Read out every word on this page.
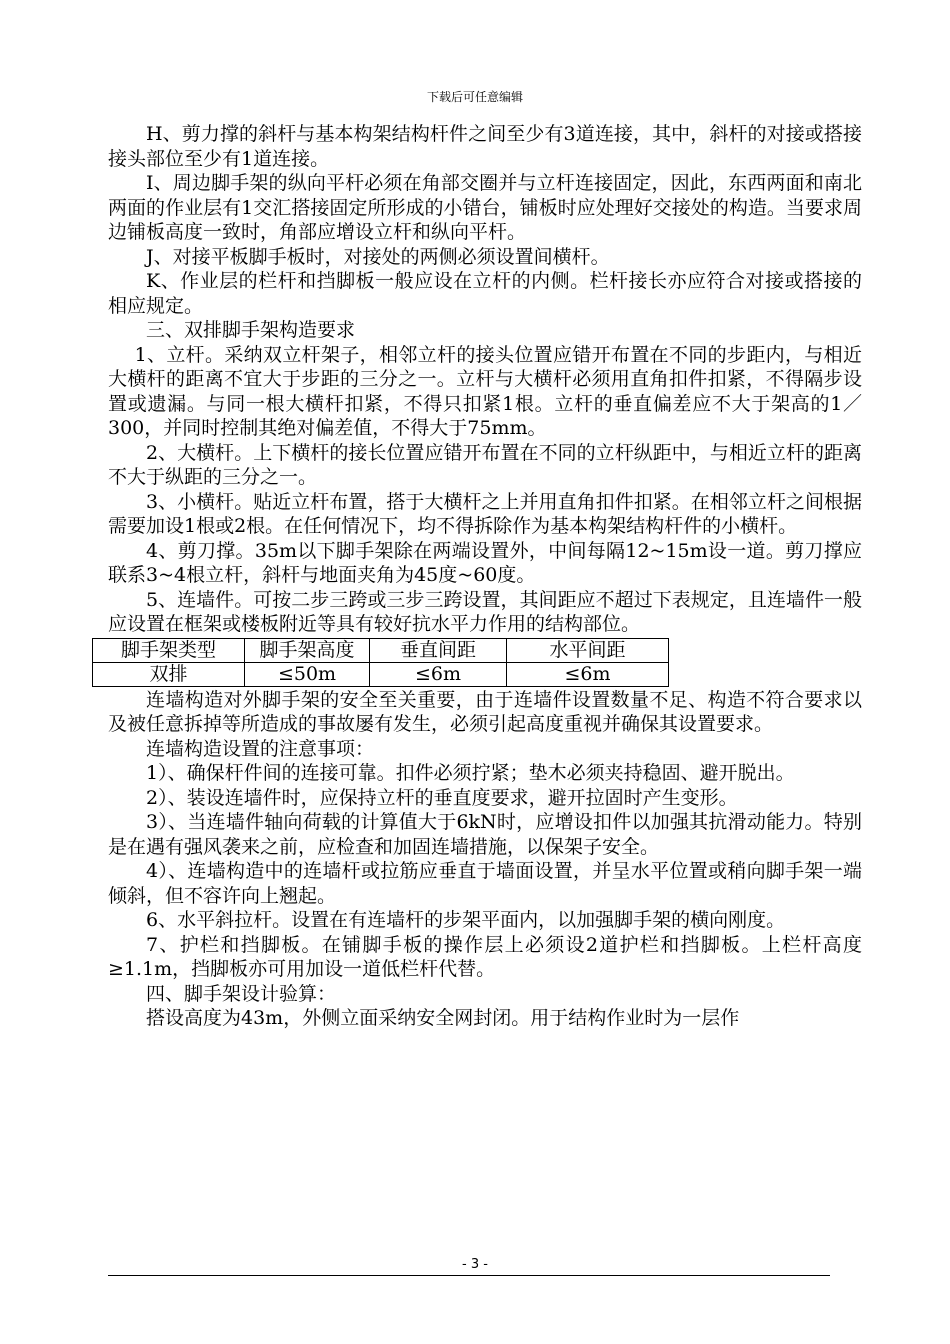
下载后可任意编辑

H、剪力撑的斜杆与基本构架结构杆件之间至少有3道连接，其中，斜杆的对接或搭接接头部位至少有1道连接。

I、周边脚手架的纵向平杆必须在角部交圈并与立杆连接固定，因此，东西两面和南北两面的作业层有1交汇搭接固定所形成的小错台，铺板时应处理好交接处的构造。当要求周边铺板高度一致时，角部应增设立杆和纵向平杆。

J、对接平板脚手板时，对接处的两侧必须设置间横杆。

K、作业层的栏杆和挡脚板一般应设在立杆的内侧。栏杆接长亦应符合对接或搭接的相应规定。

三、双排脚手架构造要求

1、立杆。采纳双立杆架子，相邻立杆的接头位置应错开布置在不同的步距内，与相近大横杆的距离不宜大于步距的三分之一。立杆与大横杆必须用直角扣件扣紧，不得隔步设置或遗漏。与同一根大横杆扣紧，不得只扣紧1根。立杆的垂直偏差应不大于架高的1／300，并同时控制其绝对偏差值，不得大于75mm。

2、大横杆。上下横杆的接长位置应错开布置在不同的立杆纵距中，与相近立杆的距离不大于纵距的三分之一。

3、小横杆。贴近立杆布置，搭于大横杆之上并用直角扣件扣紧。在相邻立杆之间根据需要加设1根或2根。在任何情况下，均不得拆除作为基本构架结构杆件的小横杆。

4、剪刀撑。35m以下脚手架除在两端设置外，中间每隔12~15m设一道。剪刀撑应联系3~4根立杆，斜杆与地面夹角为45度~60度。

5、连墙件。可按二步三跨或三步三跨设置，其间距应不超过下表规定，且连墙件一般应设置在框架或楼板附近等具有较好抗水平力作用的结构部位。

脚手架类型	脚手架高度	垂直间距	水平间距
双排	≤50m	≤6m	≤6m

连墙构造对外脚手架的安全至关重要，由于连墙件设置数量不足、构造不符合要求以及被任意拆掉等所造成的事故屡有发生，必须引起高度重视并确保其设置要求。

连墙构造设置的注意事项：

1）、确保杆件间的连接可靠。扣件必须拧紧；垫木必须夹持稳固、避开脱出。

2）、装设连墙件时，应保持立杆的垂直度要求，避开拉固时产生变形。

3）、当连墙件轴向荷载的计算值大于6kN时，应增设扣件以加强其抗滑动能力。特别是在遇有强风袭来之前，应检查和加固连墙措施，以保架子安全。

4）、连墙构造中的连墙杆或拉筋应垂直于墙面设置，并呈水平位置或稍向脚手架一端倾斜，但不容许向上翘起。

6、水平斜拉杆。设置在有连墙杆的步架平面内，以加强脚手架的横向刚度。

7、护栏和挡脚板。在铺脚手板的操作层上必须设2道护栏和挡脚板。上栏杆高度≥1.1m，挡脚板亦可用加设一道低栏杆代替。

四、脚手架设计验算：

搭设高度为43m，外侧立面采纳安全网封闭。用于结构作业时为一层作

- 3 -
